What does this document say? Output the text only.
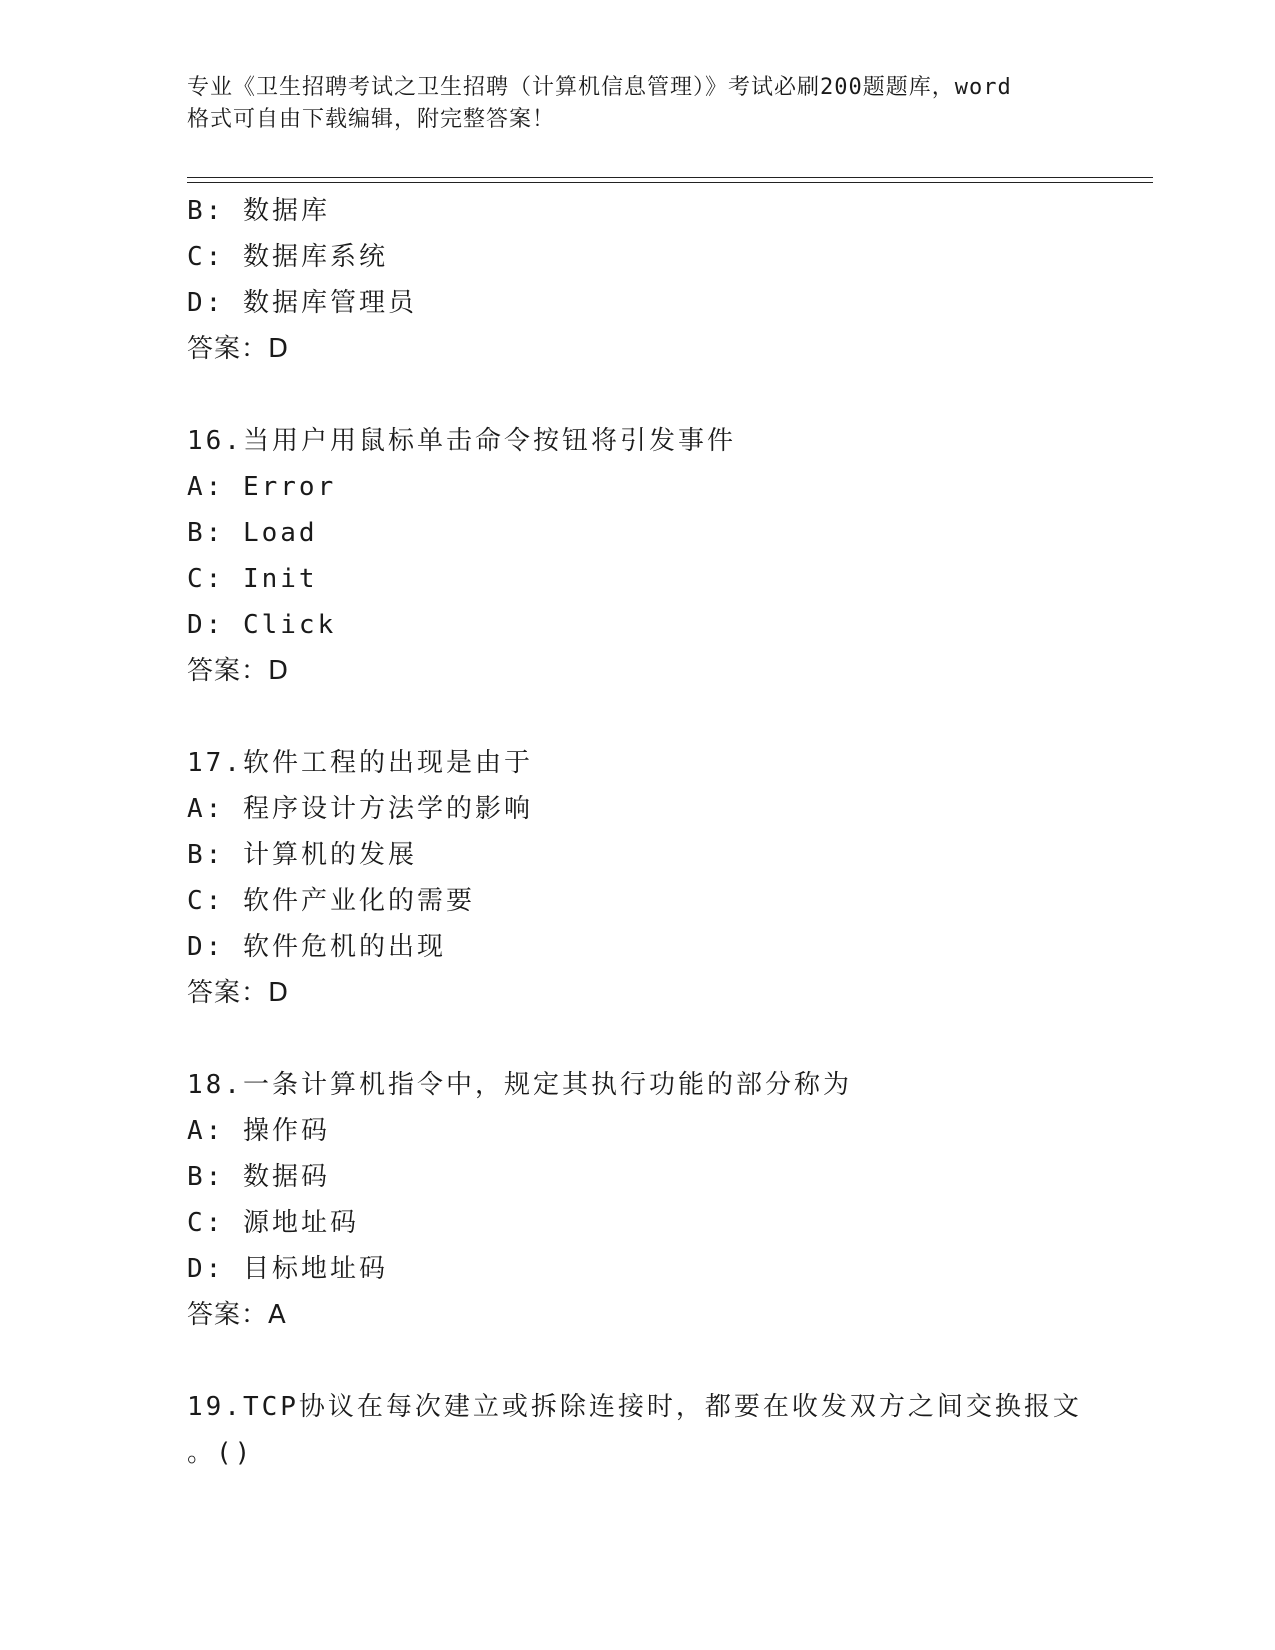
专业《卫生招聘考试之卫生招聘（计算机信息管理）》考试必刷200题题库，word
格式可自由下载编辑，附完整答案！
B: 数据库
C: 数据库系统
D: 数据库管理员
答案：D
16.当用户用鼠标单击命令按钮将引发事件
A: Error
B: Load
C: Init
D: Click
答案：D
17.软件工程的出现是由于
A: 程序设计方法学的影响
B: 计算机的发展
C: 软件产业化的需要
D: 软件危机的出现
答案：D
18.一条计算机指令中，规定其执行功能的部分称为
A: 操作码
B: 数据码
C: 源地址码
D: 目标地址码
答案：A
19.TCP协议在每次建立或拆除连接时，都要在收发双方之间交换报文
。()
